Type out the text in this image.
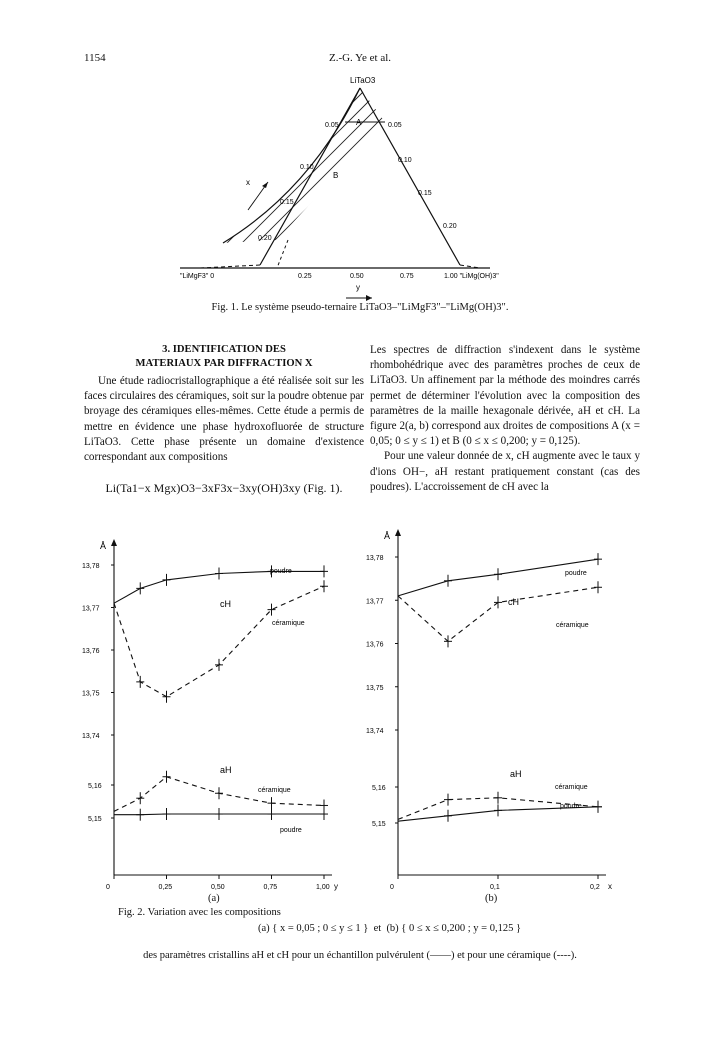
1154	Z.-G. Ye et al.
LiTaO3
0.05
0.10
0.15
0.20
0.05
0.10
0.15
0.20
A
B
x
"LiMgF3" 0	0.25	0.50	0.75	1.00 "LiMg(OH)3"
y
Fig. 1. Le système pseudo-ternaire LiTaO3–"LiMgF3"–"LiMg(OH)3".
3. IDENTIFICATION DES
MATERIAUX PAR DIFFRACTION X

Une étude radiocristallographique a été réalisée soit sur les faces circulaires des céramiques, soit sur la poudre obtenue par broyage des céramiques elles-mêmes. Cette étude a permis de mettre en évidence une phase hydroxofluorée de structure LiTaO3. Cette phase présente un domaine d'existence correspondant aux compositions

Li(Ta1−x Mgx)O3−3xF3x−3xy(OH)3xy (Fig. 1).

Les spectres de diffraction s'indexent dans le système rhombohédrique avec des paramètres proches de ceux de LiTaO3. Un affinement par la méthode des moindres carrés permet de déterminer l'évolution avec la composition des paramètres de la maille hexagonale dérivée, aH et cH. La figure 2(a, b) correspond aux droites de compositions A (x = 0,05; 0 ≤ y ≤ 1) et B (0 ≤ x ≤ 0,200; y = 0,125).

Pour une valeur donnée de x, cH augmente avec le taux y d'ions OH−, aH restant pratiquement constant (cas des poudres). L'accroissement de cH avec la

Å
13,78
13,77
13,76
13,75
13,74
5,16
5,15
0	0,25	0,50	0,75	1,00 y
poudre
cH
céramique
aH
céramique
poudre
Å
13,78
13,77
13,76
13,75
13,74
5,16
5,15
0	0,1	0,2 x
poudre
cH
céramique
aH
céramique
poudre
(a)	(b)
Fig. 2. Variation avec les compositions
(a) { x = 0,05 ; 0 ≤ y ≤ 1 } et (b) { 0 ≤ x ≤ 0,200 ; y = 0,125 }
des paramètres cristallins aH et cH pour un échantillon pulvérulent (——) et pour une céramique (----).
